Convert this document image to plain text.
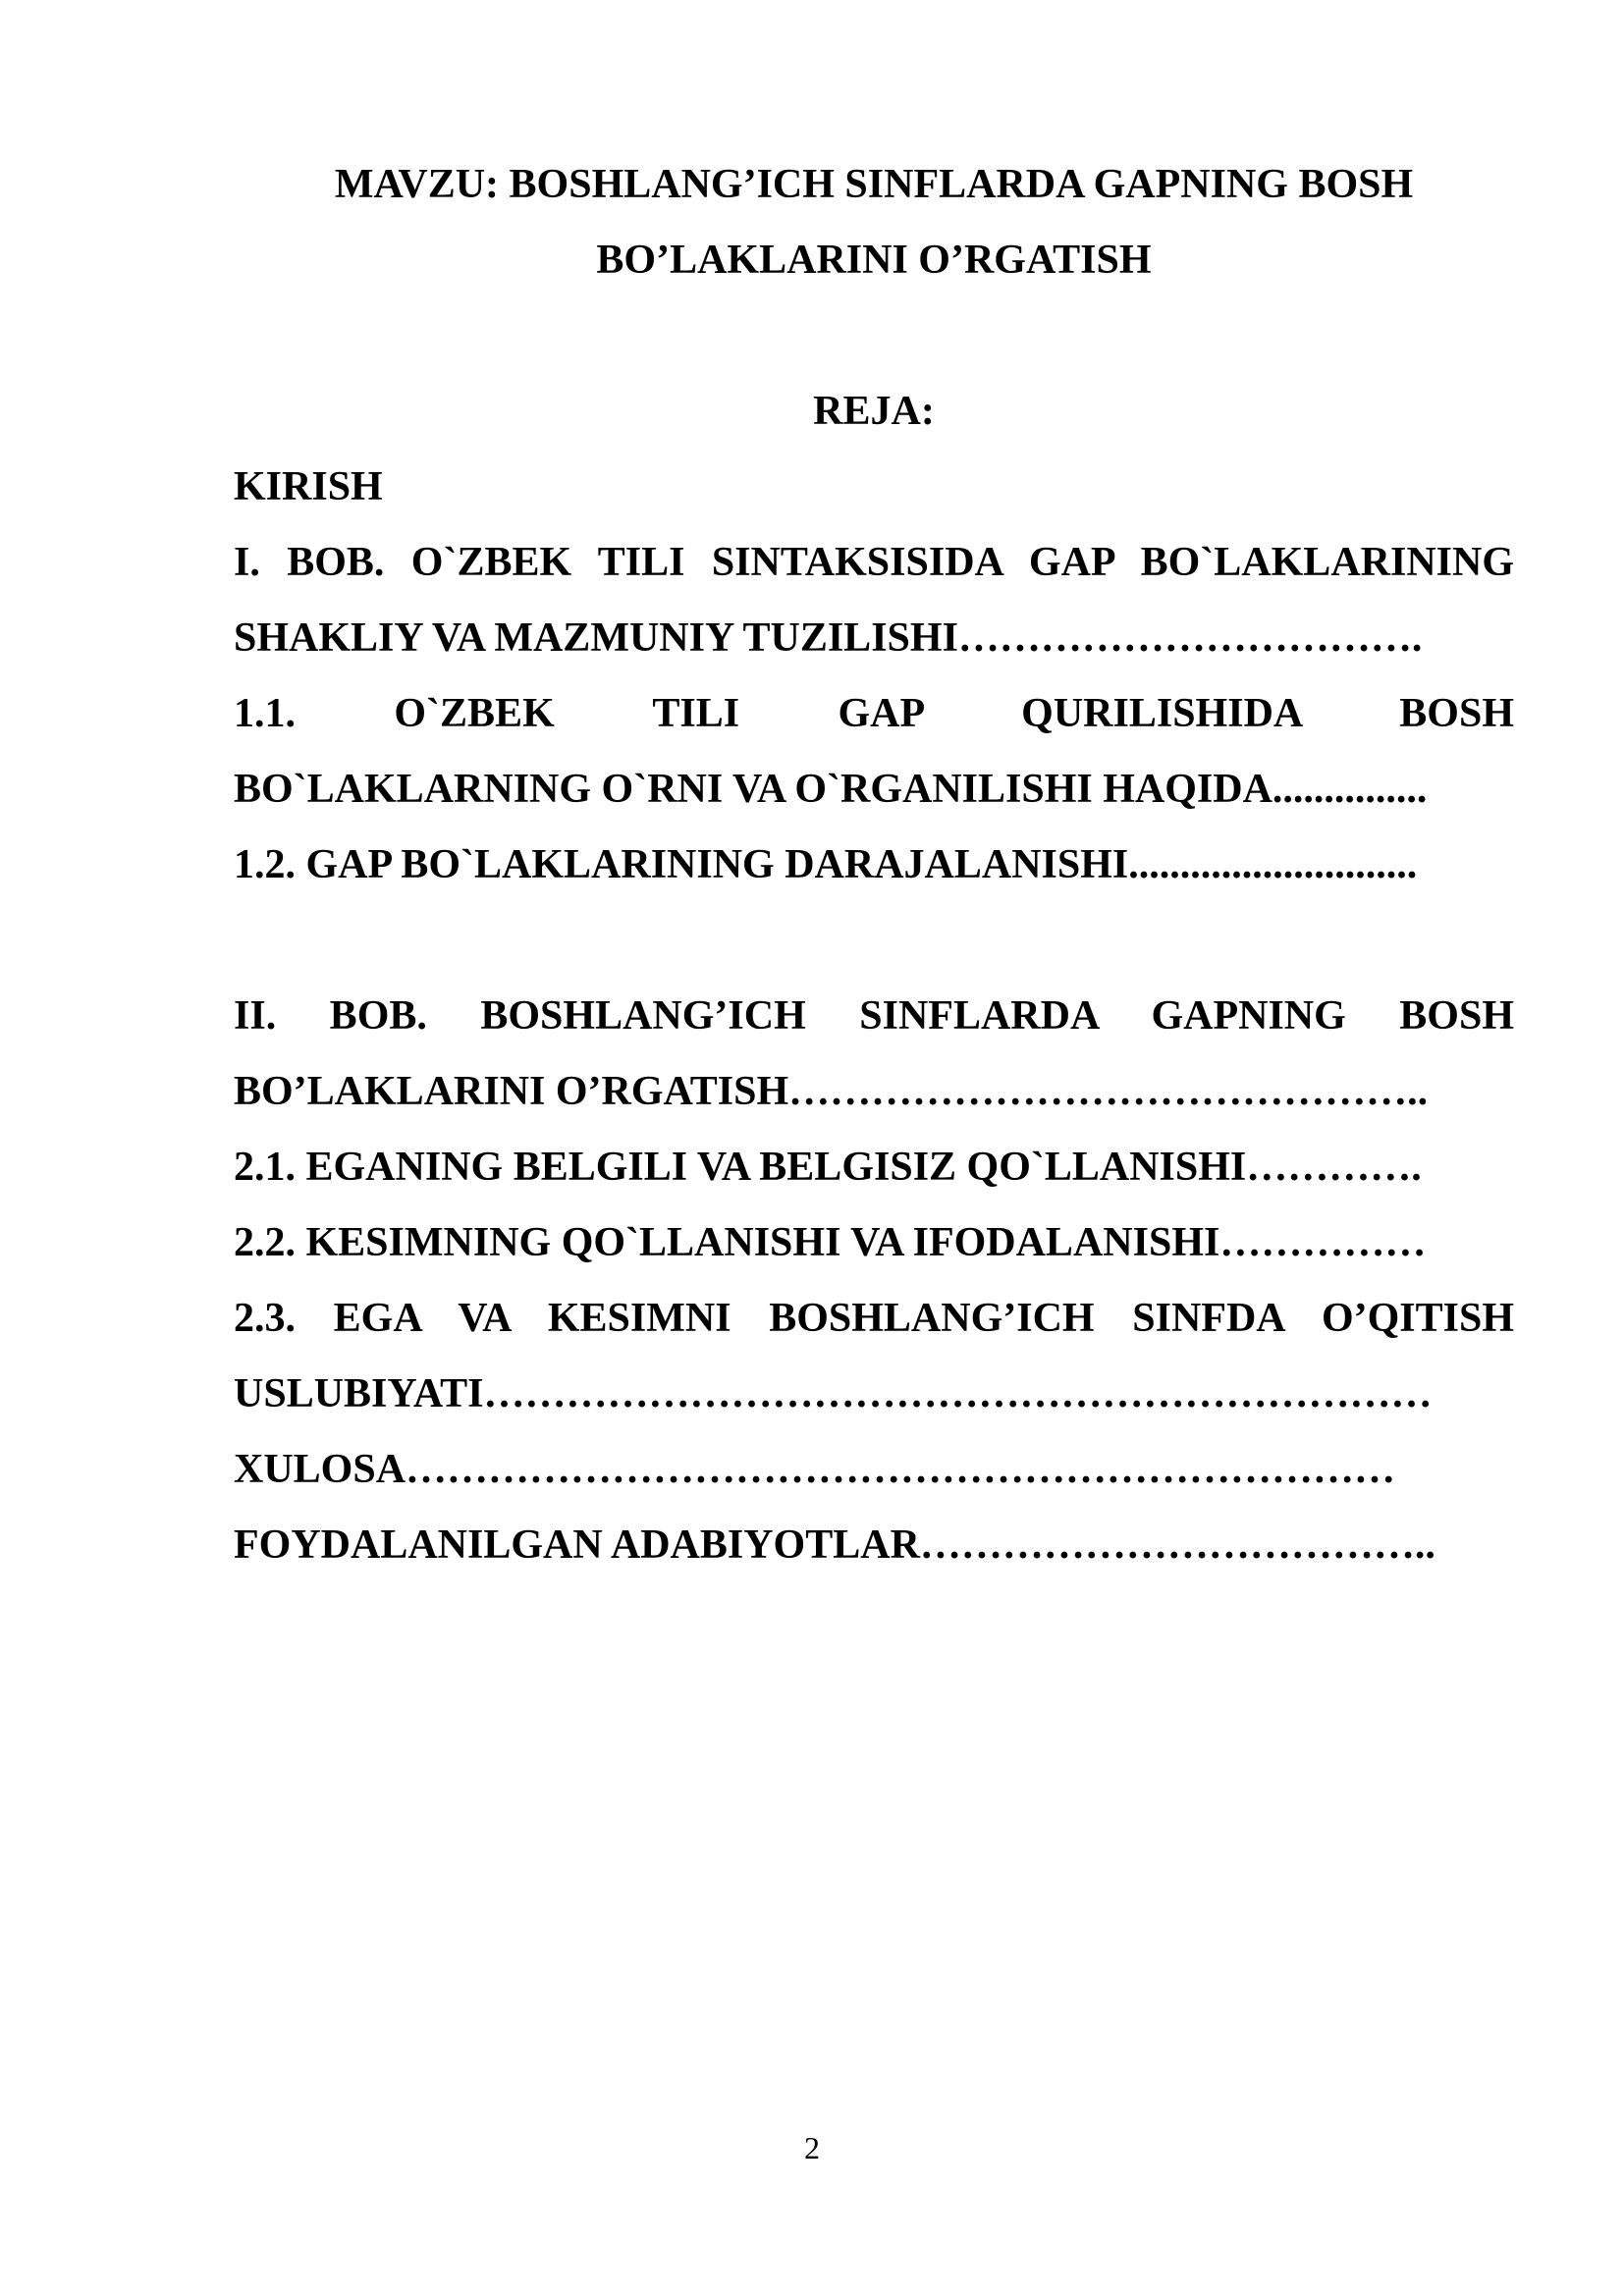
MAVZU: BOSHLANG’ICH SINFLARDA GAPNING BOSH
BO’LAKLARINI O’RGATISH
REJA:
KIRISH
I. BOB. O`ZBEK TILI SINTAKSISIDA GAP BO`LAKLARINING
SHAKLIY VA MAZMUNIY TUZILISHI…………………………….
1.1. O`ZBEK TILI GAP QURILISHIDA BOSH
BO`LAKLARNING O`RNI VA O`RGANILISHI HAQIDA...............
1.2. GAP BO`LAKLARINING DARAJALANISHI............................
II. BOB. BOSHLANG’ICH SINFLARDA GAPNING BOSH
BO’LAKLARINI O’RGATISH………………………………………..
2.1. EGANING BELGILI VA BELGISIZ QO`LLANISHI………….
2.2. KESIMNING QO`LLANISHI VA IFODALANISHI……………
2.3. EGA VA KESIMNI BOSHLANG’ICH SINFDA O’QITISH
USLUBIYATI……………………………………………………………
XULOSA………………………………………………………………
FOYDALANILGAN ADABIYOTLAR………………………………..
2
